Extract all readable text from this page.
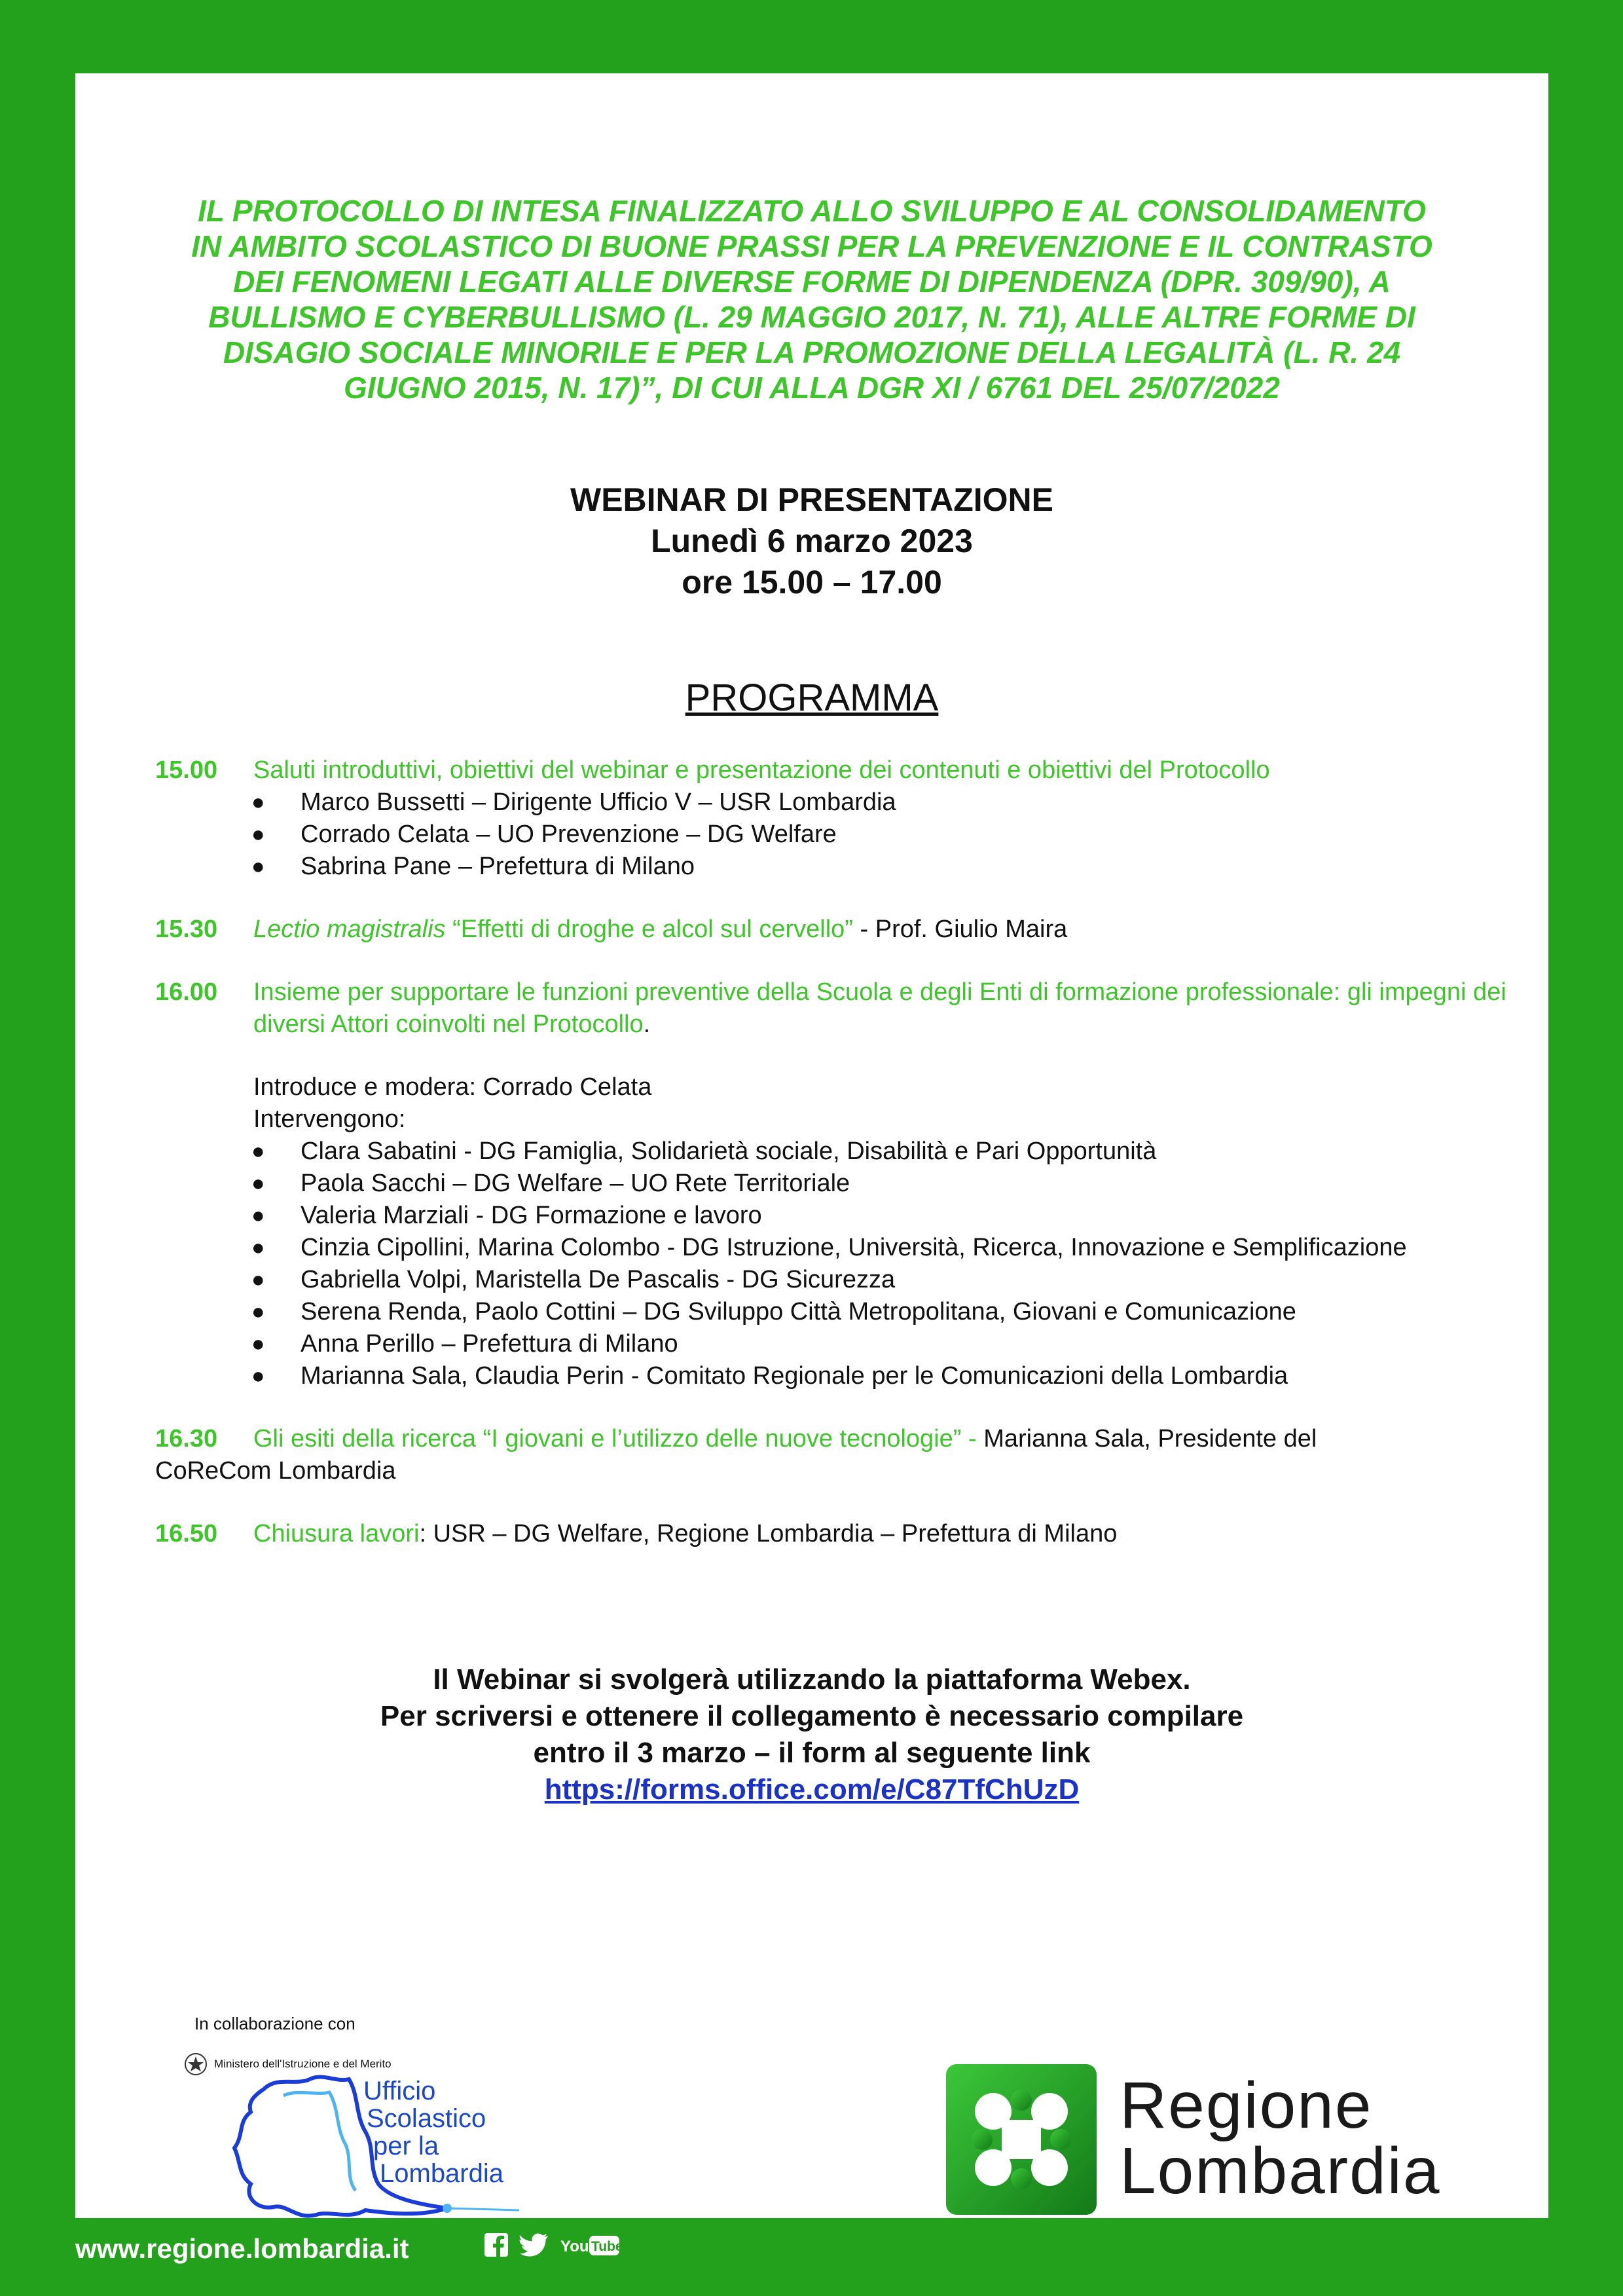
IL PROTOCOLLO DI INTESA FINALIZZATO ALLO SVILUPPO E AL CONSOLIDAMENTO
IN AMBITO SCOLASTICO DI BUONE PRASSI PER LA PREVENZIONE E IL CONTRASTO
DEI FENOMENI LEGATI ALLE DIVERSE FORME DI DIPENDENZA (DPR. 309/90), A
BULLISMO E CYBERBULLISMO (L. 29 MAGGIO 2017, N. 71), ALLE ALTRE FORME DI
DISAGIO SOCIALE MINORILE E PER LA PROMOZIONE DELLA LEGALITÀ (L. R. 24
GIUGNO 2015, N. 17)”, DI CUI ALLA DGR XI / 6761 DEL 25/07/2022
WEBINAR DI PRESENTAZIONE
Lunedì 6 marzo 2023
ore 15.00 – 17.00
PROGRAMMA
15.00	Saluti introduttivi, obiettivi del webinar e presentazione dei contenuti e obiettivi del Protocollo
●	Marco Bussetti – Dirigente Ufficio V – USR Lombardia
●	Corrado Celata – UO Prevenzione – DG Welfare
●	Sabrina Pane – Prefettura di Milano
15.30	Lectio magistralis “Effetti di droghe e alcol sul cervello” - Prof. Giulio Maira
16.00	Insieme per supportare le funzioni preventive della Scuola e degli Enti di formazione professionale: gli impegni dei diversi Attori coinvolti nel Protocollo.
Introduce e modera: Corrado Celata
Intervengono:
●	Clara Sabatini - DG Famiglia, Solidarietà sociale, Disabilità e Pari Opportunità
●	Paola Sacchi – DG Welfare – UO Rete Territoriale
●	Valeria Marziali - DG Formazione e lavoro
●	Cinzia Cipollini, Marina Colombo - DG Istruzione, Università, Ricerca, Innovazione e Semplificazione
●	Gabriella Volpi, Maristella De Pascalis - DG Sicurezza
●	Serena Renda, Paolo Cottini – DG Sviluppo Città Metropolitana, Giovani e Comunicazione
●	Anna Perillo – Prefettura di Milano
●	Marianna Sala, Claudia Perin - Comitato Regionale per le Comunicazioni della Lombardia
16.30	Gli esiti della ricerca “I giovani e l’utilizzo delle nuove tecnologie” - Marianna Sala, Presidente del
CoReCom Lombardia
16.50	Chiusura lavori: USR – DG Welfare, Regione Lombardia – Prefettura di Milano
Il Webinar si svolgerà utilizzando la piattaforma Webex.
Per scriversi e ottenere il collegamento è necessario compilare
entro il 3 marzo – il form al seguente link
https://forms.office.com/e/C87TfChUzD
In collaborazione con
Ministero dell'Istruzione e del Merito
Ufficio
Scolastico
per la
Lombardia
Regione
Lombardia
www.regione.lombardia.it	You Tube
